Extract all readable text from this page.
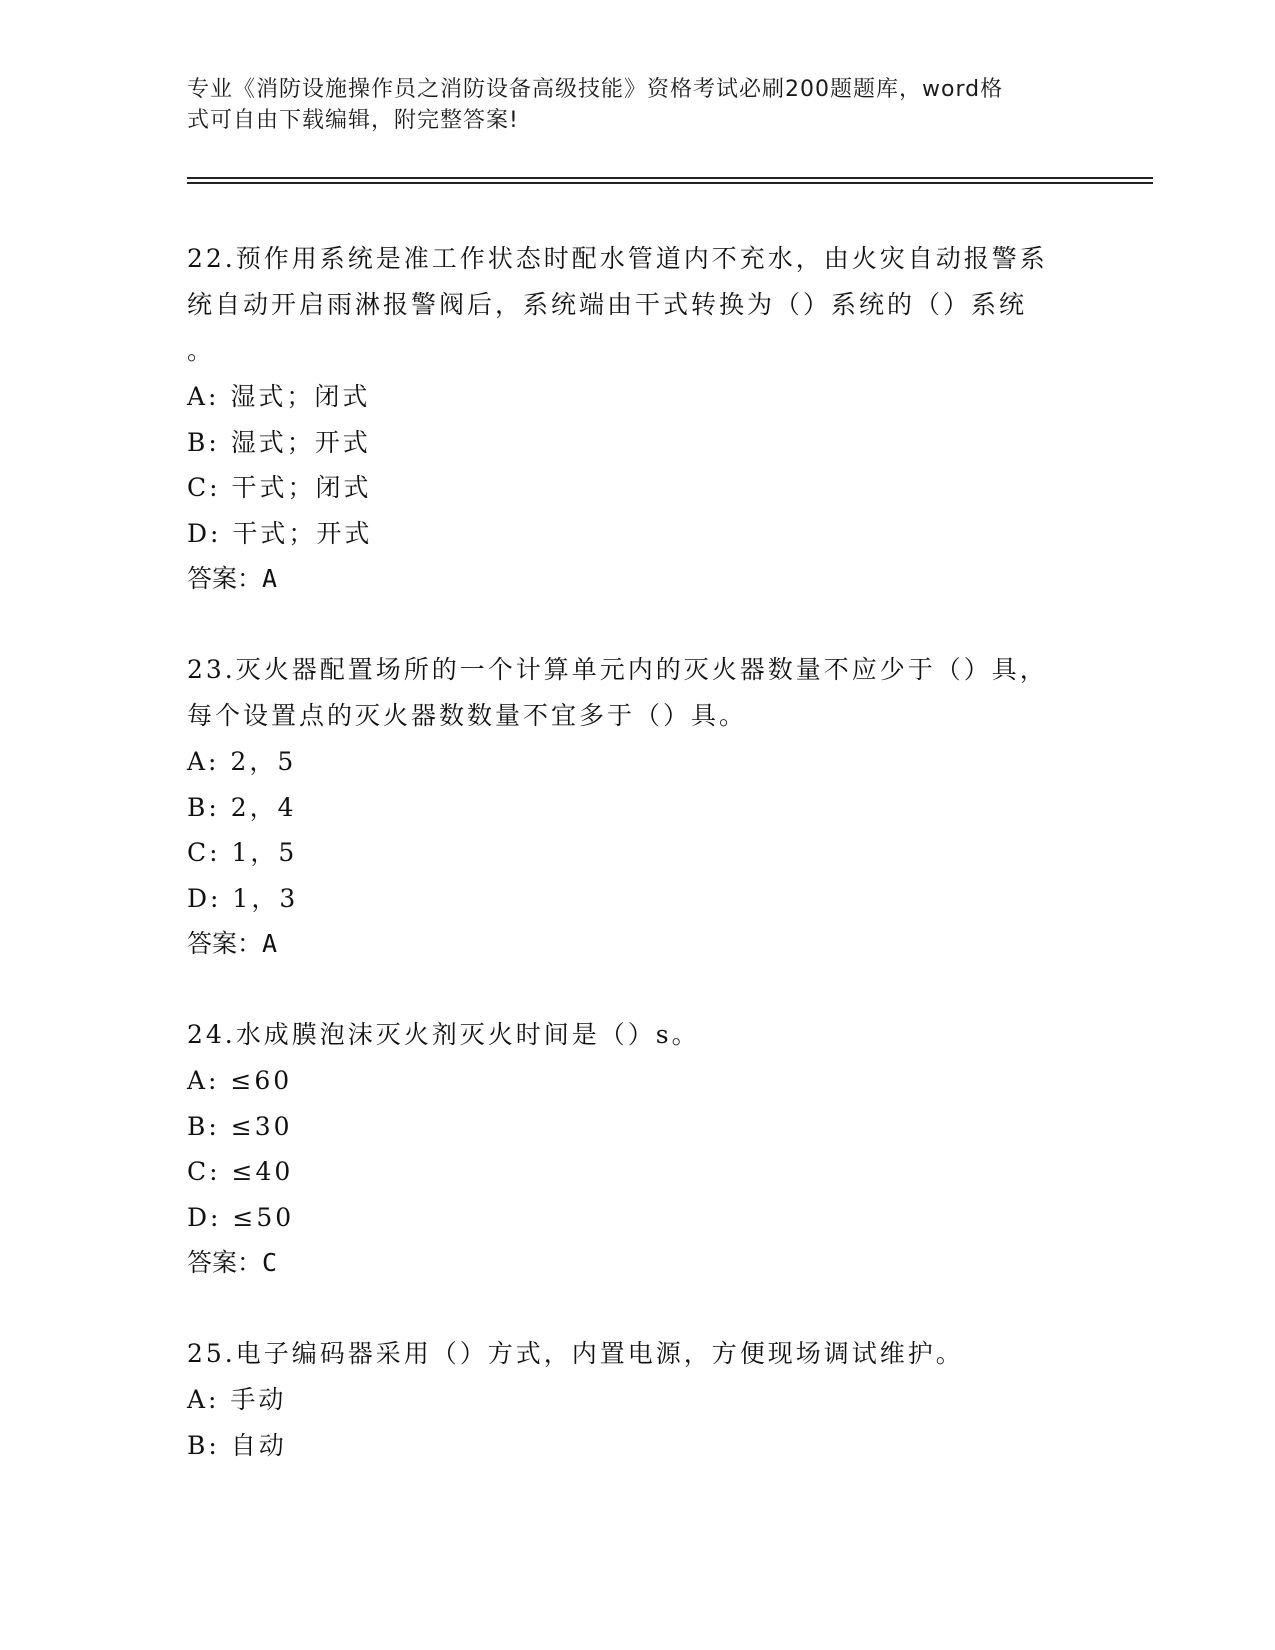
专业《消防设施操作员之消防设备高级技能》资格考试必刷200题题库，word格
式可自由下载编辑，附完整答案!

22.预作用系统是准工作状态时配水管道内不充水，由火灾自动报警系

统自动开启雨淋报警阀后，系统端由干式转换为（）系统的（）系统

。

A: 湿式；闭式

B: 湿式；开式

C: 干式；闭式

D: 干式；开式

答案：A

23.灭火器配置场所的一个计算单元内的灭火器数量不应少于（）具，

每个设置点的灭火器数数量不宜多于（）具。

A: 2，5

B: 2，4

C: 1，5

D: 1，3

答案：A

24.水成膜泡沫灭火剂灭火时间是（）s。

A: ≤60

B: ≤30

C: ≤40

D: ≤50

答案：C

25.电子编码器采用（）方式，内置电源，方便现场调试维护。

A: 手动

B: 自动
